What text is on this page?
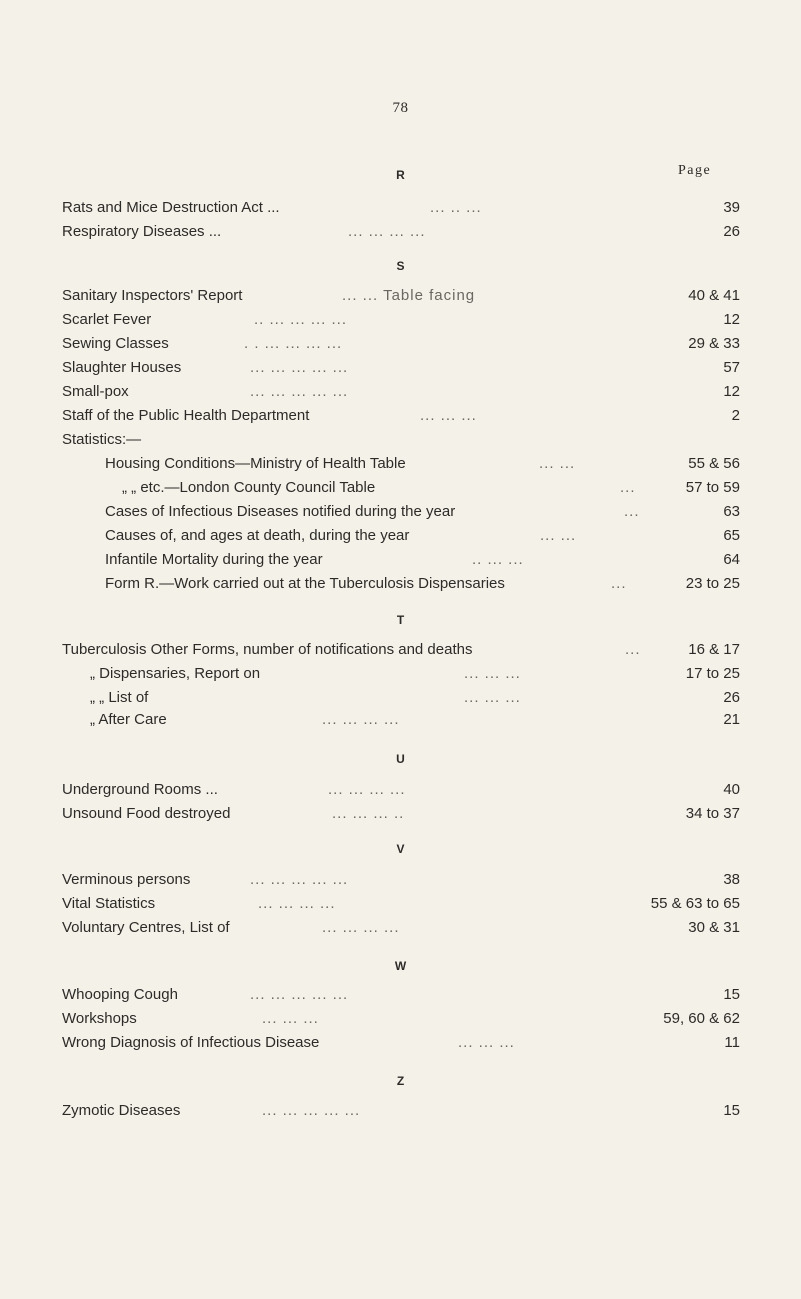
78
Page
R
Rats and Mice Destruction Act ...	... .. ...	39
Respiratory Diseases ...	... ... ... ...	26
S
Sanitary Inspectors' Report	... ... Table facing	40 & 41
Scarlet Fever	.. ... ... ... ...	12
Sewing Classes	. . ... ... ... ...	29 & 33
Slaughter Houses	... ... ... ... ...	57
Small-pox	... ... ... ... ...	12
Staff of the Public Health Department	... ... ...	2
Statistics:—
Housing Conditions—Ministry of Health Table	... ...	55 & 56
„ „ etc.—London County Council Table	...	57 to 59
Cases of Infectious Diseases notified during the year	...	63
Causes of, and ages at death, during the year	... ...	65
Infantile Mortality during the year	.. ... ...	64
Form R.—Work carried out at the Tuberculosis Dispensaries	...	23 to 25
T
Tuberculosis Other Forms, number of notifications and deaths	...	16 & 17
„ Dispensaries, Report on	... ... ...	17 to 25
„ „ List of	... ... ...	26
„ After Care	... ... ... ...	21
U
Underground Rooms ...	... ... ... ...	40
Unsound Food destroyed	... ... ... ..	34 to 37
V
Verminous persons	... ... ... ... ...	38
Vital Statistics	... ... ... ...	55 & 63 to 65
Voluntary Centres, List of	... ... ... ...	30 & 31
W
Whooping Cough	... ... ... ... ...	15
Workshops	... ... ...	59, 60 & 62
Wrong Diagnosis of Infectious Disease	... ... ...	11
Z
Zymotic Diseases	... ... ... ... ...	15
